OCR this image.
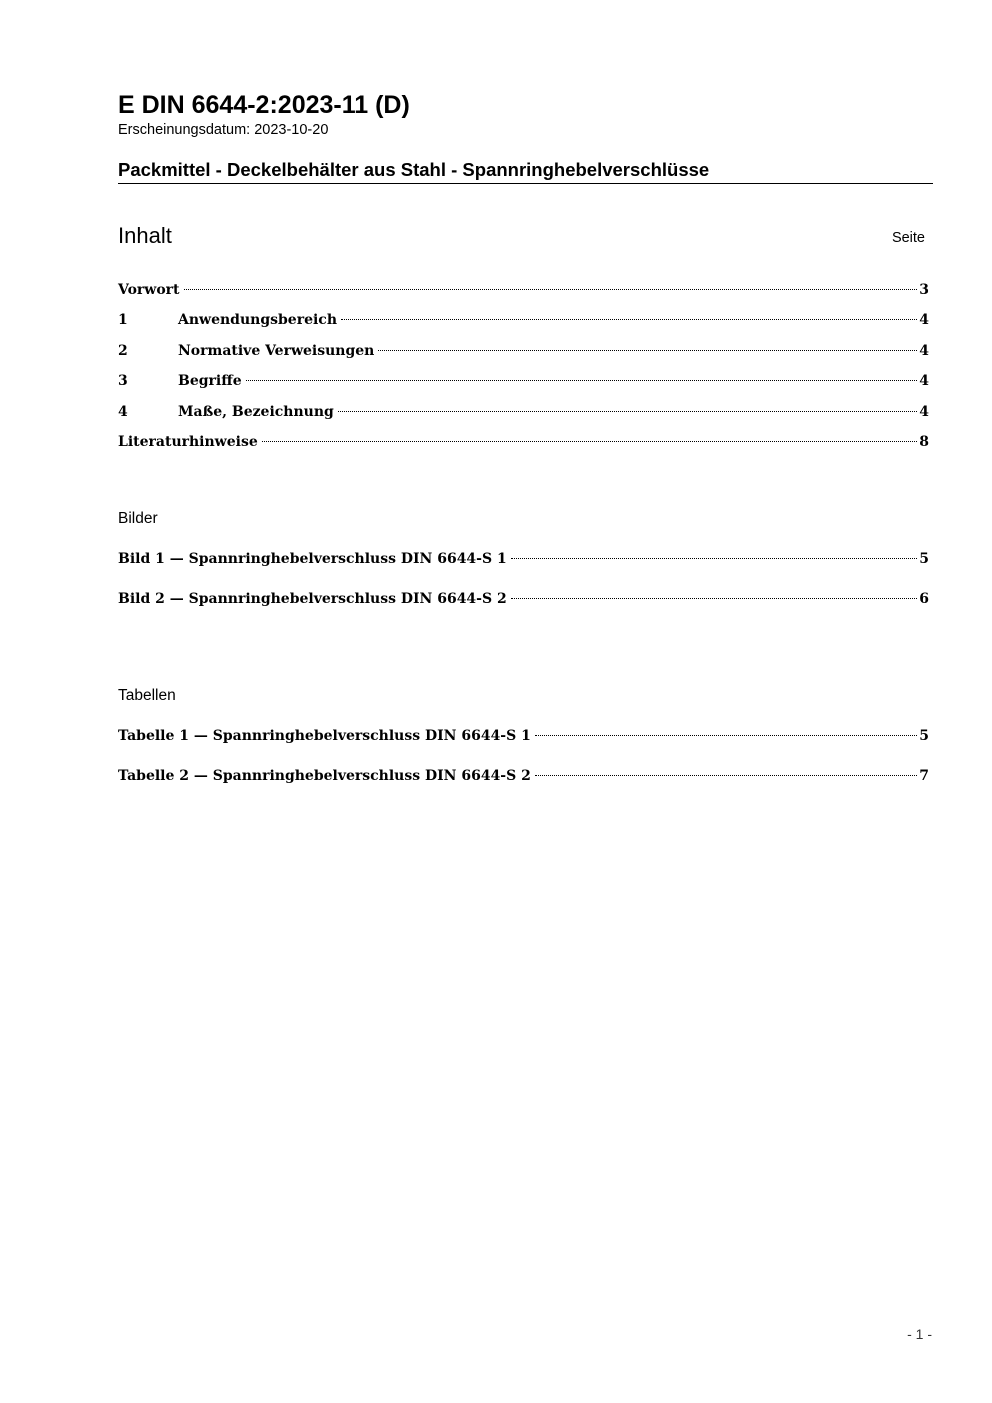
E DIN 6644-2:2023-11 (D)
Erscheinungsdatum: 2023-10-20
Packmittel - Deckelbehälter aus Stahl - Spannringhebelverschlüsse
Inhalt	Seite
Vorwort	3
1	Anwendungsbereich	4
2	Normative Verweisungen	4
3	Begriffe	4
4	Maße, Bezeichnung	4
Literaturhinweise	8
Bilder
Bild 1 — Spannringhebelverschluss DIN 6644-S 1	5
Bild 2 — Spannringhebelverschluss DIN 6644-S 2	6
Tabellen
Tabelle 1 — Spannringhebelverschluss DIN 6644-S 1	5
Tabelle 2 — Spannringhebelverschluss DIN 6644-S 2	7
- 1 -
